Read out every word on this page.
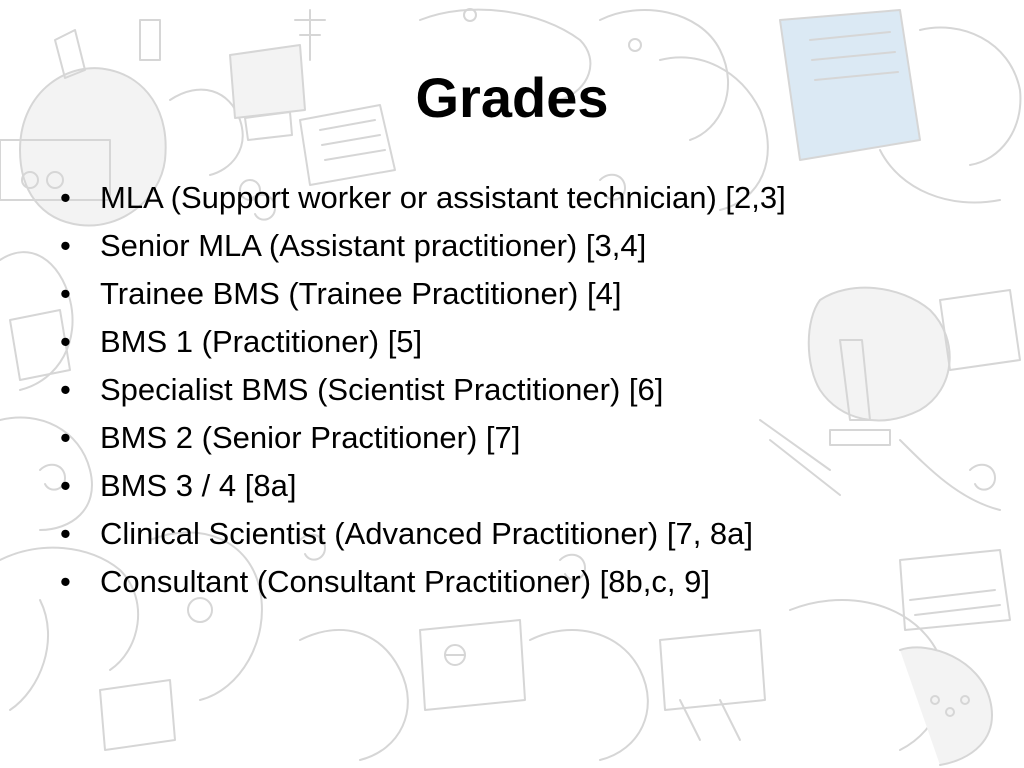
Grades
• MLA (Support worker or assistant technician) [2,3]
• Senior MLA (Assistant practitioner) [3,4]
• Trainee BMS (Trainee Practitioner) [4]
• BMS 1 (Practitioner) [5]
• Specialist BMS (Scientist Practitioner) [6]
• BMS 2 (Senior Practitioner) [7]
• BMS 3 / 4 [8a]
• Clinical Scientist (Advanced Practitioner) [7, 8a]
• Consultant (Consultant Practitioner) [8b,c, 9]
